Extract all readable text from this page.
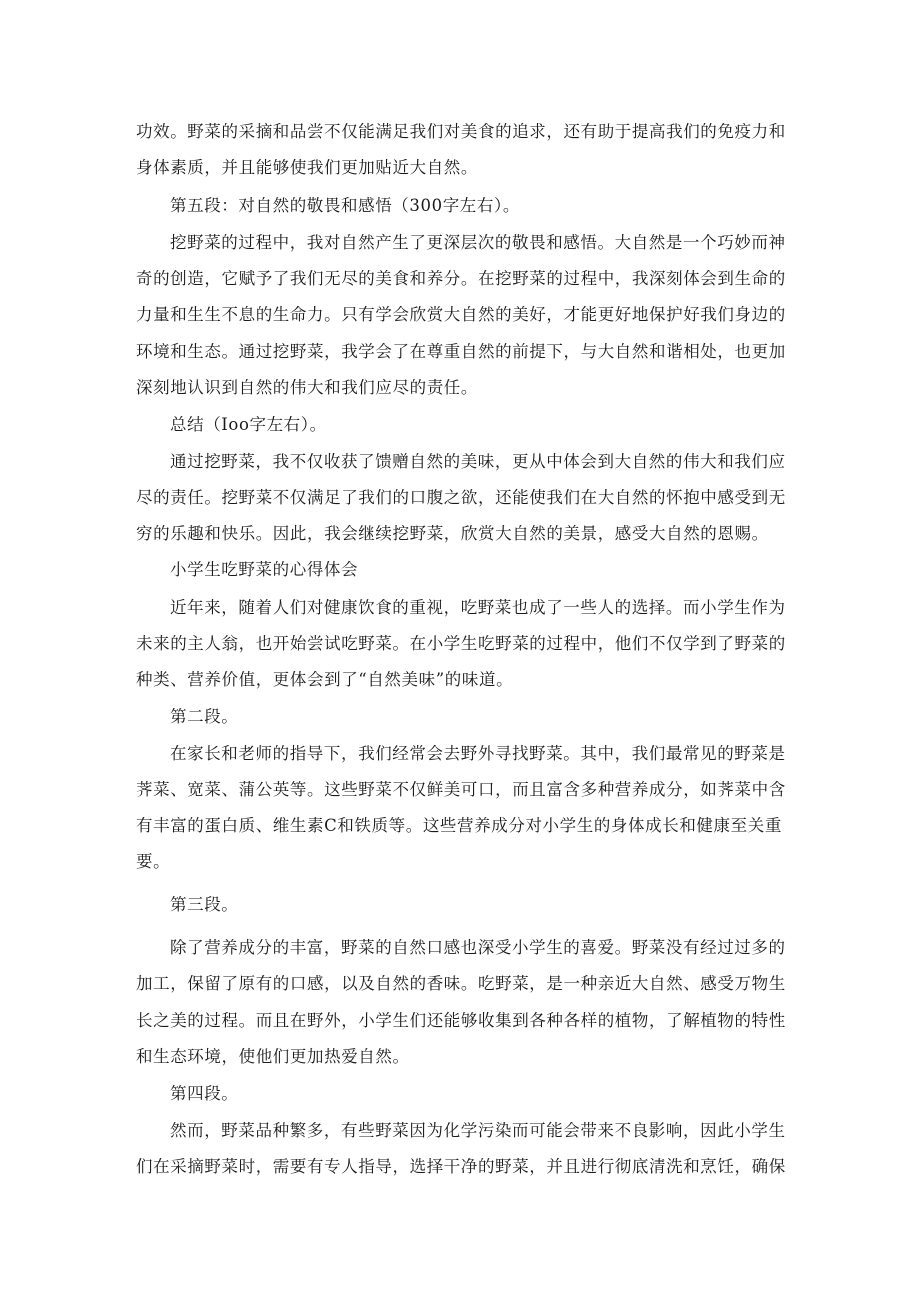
功效。野菜的采摘和品尝不仅能满足我们对美食的追求，还有助于提高我们的免疫力和
身体素质，并且能够使我们更加贴近大自然。
第五段：对自然的敬畏和感悟（300字左右）。
挖野菜的过程中，我对自然产生了更深层次的敬畏和感悟。大自然是一个巧妙而神
奇的创造，它赋予了我们无尽的美食和养分。在挖野菜的过程中，我深刻体会到生命的
力量和生生不息的生命力。只有学会欣赏大自然的美好，才能更好地保护好我们身边的
环境和生态。通过挖野菜，我学会了在尊重自然的前提下，与大自然和谐相处，也更加
深刻地认识到自然的伟大和我们应尽的责任。
总结（Ioo字左右）。
通过挖野菜，我不仅收获了馈赠自然的美味，更从中体会到大自然的伟大和我们应
尽的责任。挖野菜不仅满足了我们的口腹之欲，还能使我们在大自然的怀抱中感受到无
穷的乐趣和快乐。因此，我会继续挖野菜，欣赏大自然的美景，感受大自然的恩赐。
小学生吃野菜的心得体会
近年来，随着人们对健康饮食的重视，吃野菜也成了一些人的选择。而小学生作为
未来的主人翁，也开始尝试吃野菜。在小学生吃野菜的过程中，他们不仅学到了野菜的
种类、营养价值，更体会到了“自然美味”的味道。
第二段。
在家长和老师的指导下，我们经常会去野外寻找野菜。其中，我们最常见的野菜是
荠菜、宽菜、蒲公英等。这些野菜不仅鲜美可口，而且富含多种营养成分，如荠菜中含
有丰富的蛋白质、维生素C和铁质等。这些营养成分对小学生的身体成长和健康至关重
要。
第三段。
除了营养成分的丰富，野菜的自然口感也深受小学生的喜爱。野菜没有经过过多的
加工，保留了原有的口感，以及自然的香味。吃野菜，是一种亲近大自然、感受万物生
长之美的过程。而且在野外，小学生们还能够收集到各种各样的植物，了解植物的特性
和生态环境，使他们更加热爱自然。
第四段。
然而，野菜品种繁多，有些野菜因为化学污染而可能会带来不良影响，因此小学生
们在采摘野菜时，需要有专人指导，选择干净的野菜，并且进行彻底清洗和烹饪，确保
